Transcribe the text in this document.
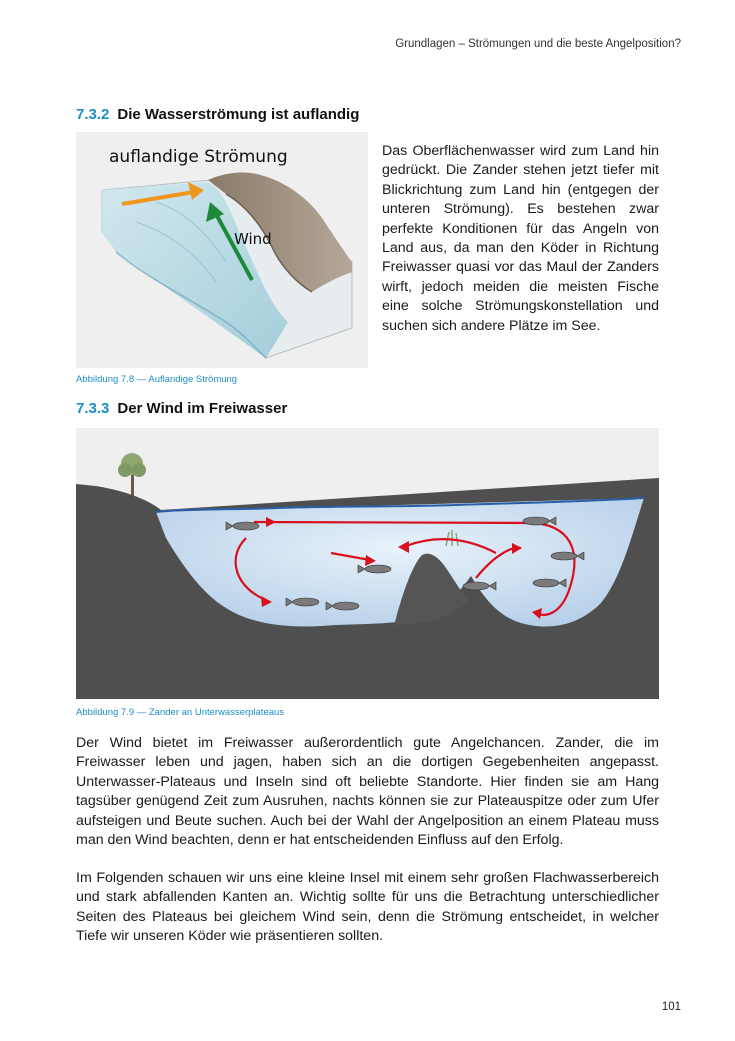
Grundlagen – Strömungen und die beste Angelposition?
7.3.2 Die Wasserströmung ist auflandig
auflandige Strömung
Wind
Das Oberflächenwasser wird zum Land hin gedrückt. Die Zander stehen jetzt tiefer mit Blickrichtung zum Land hin (entgegen der unteren Strömung). Es bestehen zwar perfekte Konditionen für das Angeln von Land aus, da man den Köder in Richtung Freiwasser quasi vor das Maul der Zanders wirft, jedoch meiden die meisten Fische eine solche Strömungskonstellation und suchen sich andere Plätze im See.
Abbildung 7.8 — Auflandige Strömung
7.3.3 Der Wind im Freiwasser
Abbildung 7.9 — Zander an Unterwasserplateaus
Der Wind bietet im Freiwasser außerordentlich gute Angelchancen. Zander, die im Freiwasser leben und jagen, haben sich an die dortigen Gegebenheiten angepasst. Unterwasser-Plateaus und Inseln sind oft beliebte Standorte. Hier finden sie am Hang tagsüber genügend Zeit zum Ausruhen, nachts können sie zur Plateauspitze oder zum Ufer aufsteigen und Beute suchen. Auch bei der Wahl der Angelposition an einem Plateau muss man den Wind beachten, denn er hat entscheidenden Einfluss auf den Erfolg.
Im Folgenden schauen wir uns eine kleine Insel mit einem sehr großen Flachwasserbereich und stark abfallenden Kanten an. Wichtig sollte für uns die Betrachtung unterschiedlicher Seiten des Plateaus bei gleichem Wind sein, denn die Strömung entscheidet, in welcher Tiefe wir unseren Köder wie präsentieren sollten.
101
